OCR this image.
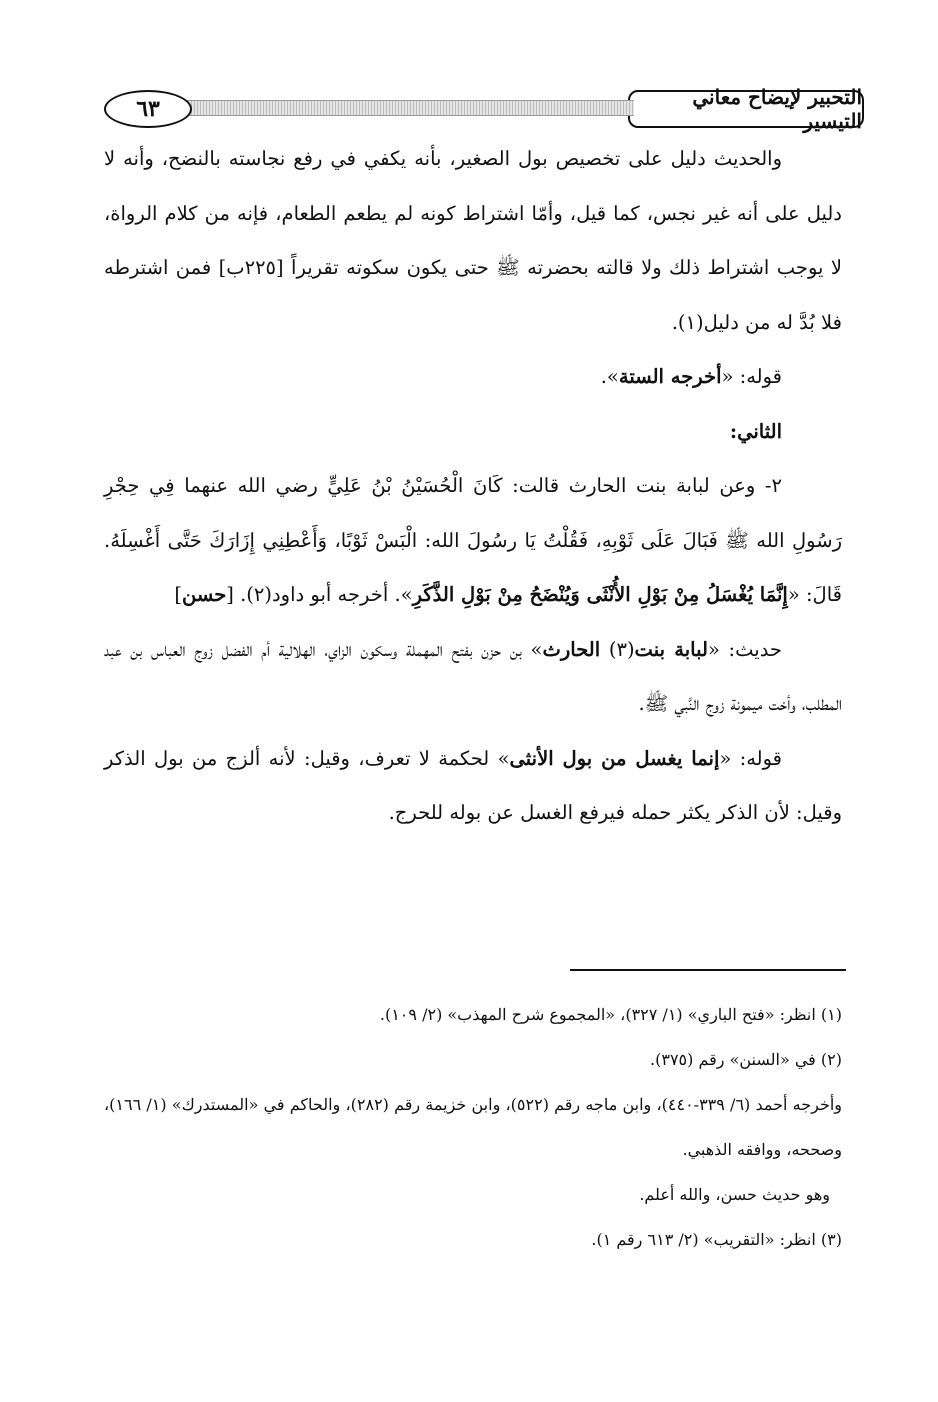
التحبير لإيضاح معاني التيسير
٦٣

والحديث دليل على تخصيص بول الصغير، بأنه يكفي في رفع نجاسته بالنضح، وأنه لا دليل على أنه غير نجس، كما قيل، وأمّا اشتراط كونه لم يطعم الطعام، فإنه من كلام الرواة، لا يوجب اشتراط ذلك ولا قالته بحضرته ﷺ حتى يكون سكوته تقريراً [٢٢٥ب] فمن اشترطه فلا بُدَّ له من دليل(١).

قوله: «أخرجه الستة».

الثاني:

٢- وعن لبابة بنت الحارث قالت: كَانَ الْحُسَيْنُ بْنُ عَلِيٍّ رضي الله عنهما فِي حِجْرِ رَسُولِ الله ﷺ فَبَالَ عَلَى ثَوْبِهِ، فَقُلْتُ يَا رسُولَ الله: الْبَسْ ثَوْبًا، وَأَعْطِنِي إِزَارَكَ حَتَّى أَغْسِلَهُ. قَالَ: «إِنَّمَا يُغْسَلُ مِنْ بَوْلِ الأُنْثَى وَيُنْضَحُ مِنْ بَوْلِ الذَّكَرِ». أخرجه أبو داود(٢). [حسن]

حديث: «لبابة بنت(٣) الحارث» بن حزن بفتح المهملة وسكون الزاي، الهلالية أم الفضل زوج العباس بن عبد المطلب، وأخت ميمونة زوج النَّبي ﷺ.

قوله: «إنما يغسل من بول الأنثى» لحكمة لا تعرف، وقيل: لأنه ألزج من بول الذكر وقيل: لأن الذكر يكثر حمله فيرفع الغسل عن بوله للحرج.

(١) انظر: «فتح الباري» (١/ ٣٢٧)، «المجموع شرح المهذب» (٢/ ١٠٩).

(٢) في «السنن» رقم (٣٧٥).

وأخرجه أحمد (٦/ ٣٣٩-٤٤٠)، وابن ماجه رقم (٥٢٢)، وابن خزيمة رقم (٢٨٢)، والحاكم في «المستدرك» (١/ ١٦٦)، وصححه، ووافقه الذهبي.

وهو حديث حسن، والله أعلم.

(٣) انظر: «التقريب» (٢/ ٦١٣ رقم ١).
